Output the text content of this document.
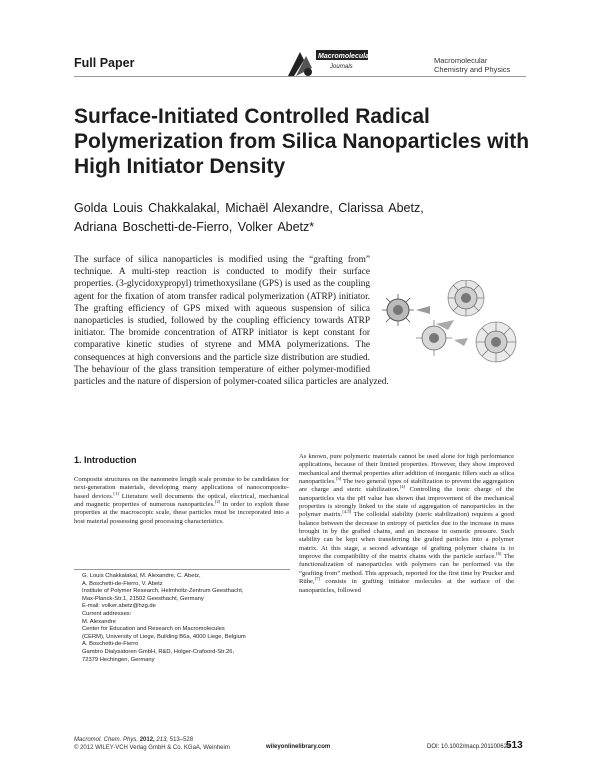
Full Paper	Macromolecular
Journals
Macromolecular
Chemistry and Physics
Surface-Initiated Controlled Radical
Polymerization from Silica Nanoparticles with
High Initiator Density
Golda Louis Chakkalakal, Michaël Alexandre, Clarissa Abetz,
Adriana Boschetti-de-Fierro, Volker Abetz*

The surface of silica nanoparticles is modified using the “grafting from” technique. A multi-step reaction is conducted to modify their surface properties. (3-glycidoxypropyl) trimethoxysilane (GPS) is used as the coupling agent for the fixation of atom transfer radical polymerization (ATRP) initiator. The grafting efficiency of GPS mixed with aqueous suspension of silica nanoparticles is studied, followed by the coupling efficiency towards ATRP initiator. The bromide concentration of ATRP initiator is kept constant for comparative kinetic studies of styrene and MMA polymerizations. The consequences at high conversions and the particle size distribution are studied. The behaviour of the glass transition temperature of either polymer-modified particles and the nature of dispersion of polymer-coated silica particles are analyzed.

1. Introduction

Composite structures on the nanometre length scale promise to be candidates for next-generation materials, developing many applications of nanocomposite-based devices.[1] Literature well documents the optical, electrical, mechanical and magnetic properties of numerous nanoparticles.[2] In order to exploit these properties at the macroscopic scale, these particles must be incorporated into a host material possessing good processing characteristics.

G. Louis Chakkalakal, M. Alexandre, C. Abetz,
A. Boschetti-de-Fierro, V. Abetz
Institute of Polymer Research, Helmholtz-Zentrum Geesthacht,
Max-Planck-Str.1, 21502 Geesthacht, Germany
E-mail: volker.abetz@hzg.de
Current addresses:
M. Alexandre
Center for Education and Research on Macromolecules
(CERM), University of Liege, Building B6a, 4000 Liege, Belgium
A. Boschetti-de-Fierro
Gambro Dialysatoren GmbH, R&D, Holger-Crafoord-Str.26,
72379 Hechingen, Germany

As known, pure polymeric materials cannot be used alone for high performance applications, because of their limited properties. However, they show improved mechanical and thermal properties after addition of inorganic fillers such as silica nanoparticles.[3] The two general types of stabilization to prevent the aggregation are charge and steric stabilization.[4] Controlling the ionic charge of the nanoparticles via the pH value has shown that improvement of the mechanical properties is strongly linked to the state of aggregation of nanoparticles in the polymer matrix.[4,5] The colloidal stability (steric stabilization) requires a good balance between the decrease in entropy of particles due to the increase in mass brought in by the grafted chains, and an increase in osmotic pressure. Such stability can be kept when transferring the grafted particles into a polymer matrix. At this stage, a second advantage of grafting polymer chains is to improve the compatibility of the matrix chains with the particle surface.[6] The functionalization of nanoparticles with polymers can be performed via the “grafting from” method. This approach, reported for the first time by Prucker and Rühe,[7] consists in grafting initiator molecules at the surface of the nanoparticles, followed

Macromol. Chem. Phys. 2012, 213, 513–528
© 2012 WILEY-VCH Verlag GmbH & Co. KGaA, Weinheim	wileyonlinelibrary.com	DOI: 10.1002/macp.201100625
513
